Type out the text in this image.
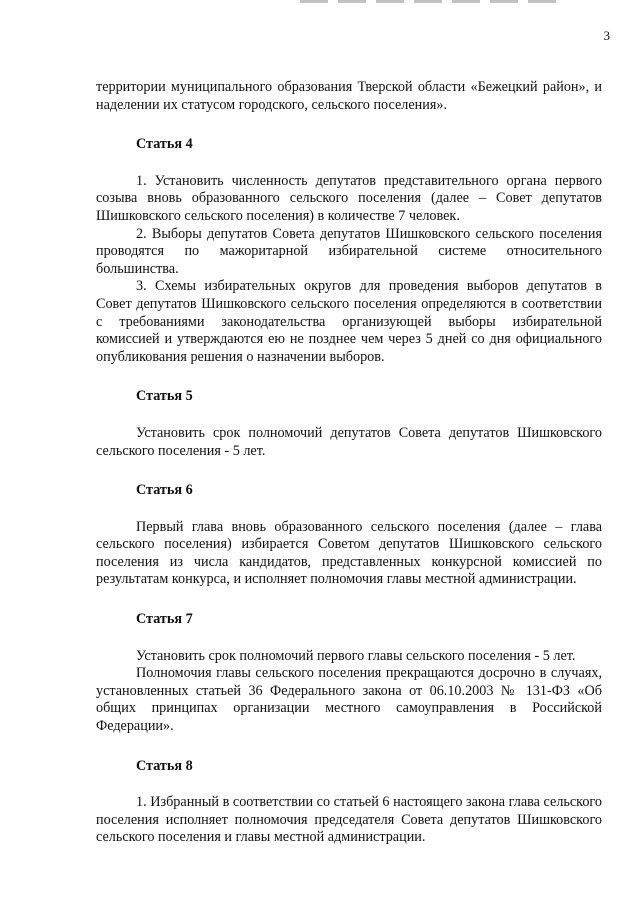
3

территории муниципального образования Тверской области «Бежецкий район», и наделении их статусом городского, сельского поселения».

Статья 4

1. Установить численность депутатов представительного органа первого созыва вновь образованного сельского поселения (далее – Совет депутатов Шишковского сельского поселения) в количестве 7 человек.

2. Выборы депутатов Совета депутатов Шишковского сельского поселения проводятся по мажоритарной избирательной системе относительного большинства.

3. Схемы избирательных округов для проведения выборов депутатов в Совет депутатов Шишковского сельского поселения определяются в соответствии с требованиями законодательства организующей выборы избирательной комиссией и утверждаются ею не позднее чем через 5 дней со дня официального опубликования решения о назначении выборов.

Статья 5

Установить срок полномочий депутатов Совета депутатов Шишковского сельского поселения - 5 лет.

Статья 6

Первый глава вновь образованного сельского поселения (далее – глава сельского поселения) избирается Советом депутатов Шишковского сельского поселения из числа кандидатов, представленных конкурсной комиссией по результатам конкурса, и исполняет полномочия главы местной администрации.

Статья 7

Установить срок полномочий первого главы сельского поселения - 5 лет.

Полномочия главы сельского поселения прекращаются досрочно в случаях, установленных статьей 36 Федерального закона от 06.10.2003 № 131-ФЗ «Об общих принципах организации местного самоуправления в Российской Федерации».

Статья 8

1. Избранный в соответствии со статьей 6 настоящего закона глава сельского поселения исполняет полномочия председателя Совета депутатов Шишковского сельского поселения и главы местной администрации.
